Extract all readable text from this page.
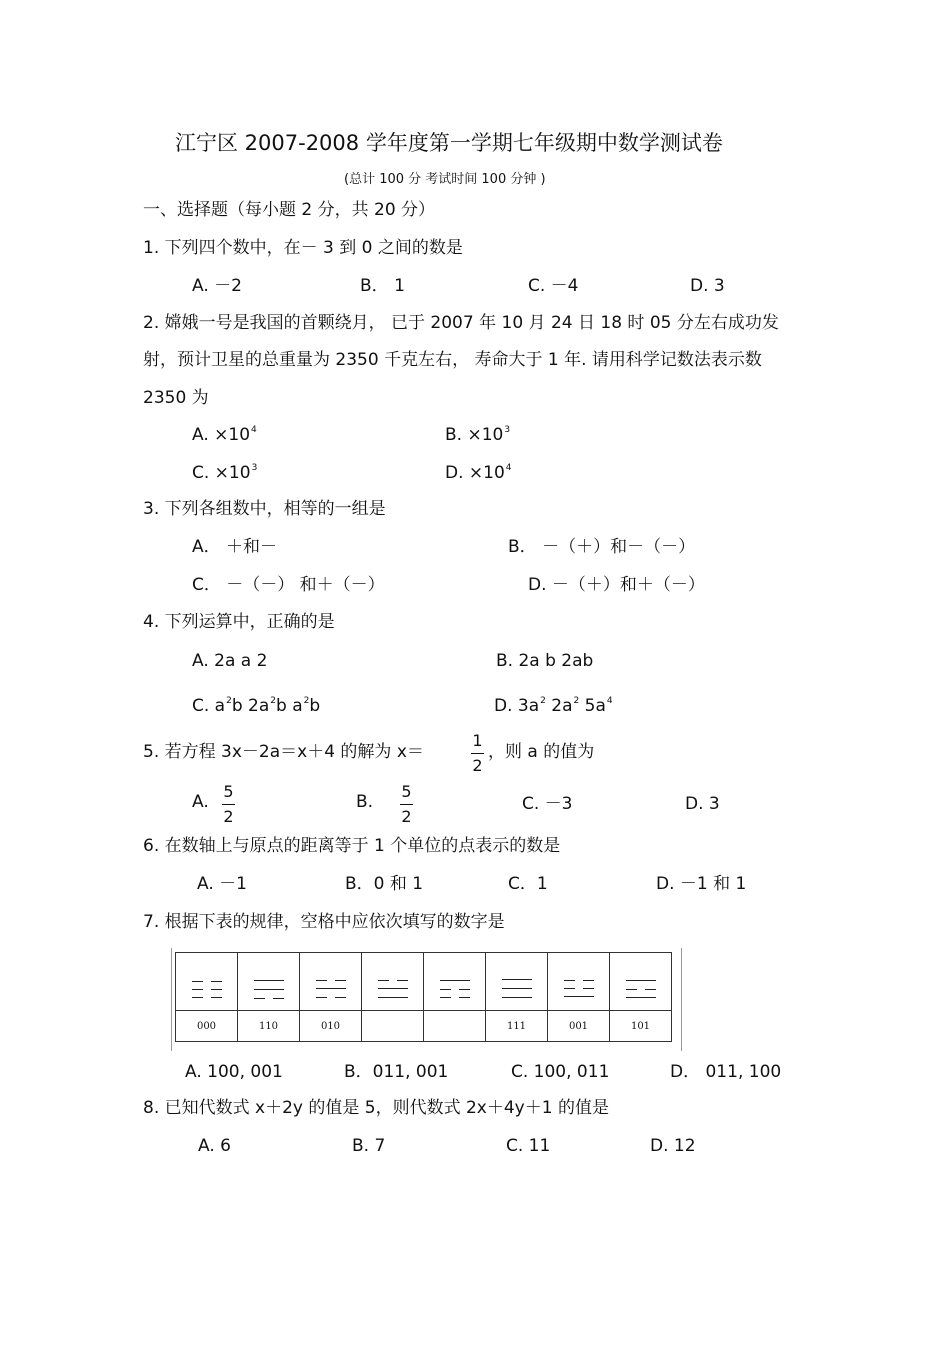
江宁区 2007-2008 学年度第一学期七年级期中数学测试卷
(总计 100 分 考试时间 100 分钟 )
一、选择题（每小题 2 分，共 20 分）
1. 下列四个数中，在－ 3 到 0 之间的数是
A. －2	B． 1	C. －4	D. 3
2. 嫦娥一号是我国的首颗绕月， 已于 2007 年 10 月 24 日 18 时 05 分左右成功发
射，预计卫星的总重量为 2350 千克左右， 寿命大于 1 年. 请用科学记数法表示数
2350 为
A. $\times 10^4$	B. $\times 10^3$
C. $\times 10^3$	D. $\times 10^4$
3. 下列各组数中，相等的一组是
A． ＋和－	B． －（＋）和－（－）
C． －（－） 和＋（－）	D. －（＋）和＋（－）
4. 下列运算中，正确的是
A. 2a a 2	B. 2a b 2ab
C. $a^2b$ $2a^2b$ $a^2b$	D. $3a^2$ $2a^2$ $5a^4$
5. 若方程 3x－2a＝x＋4 的解为 x＝
1
2
，则 a 的值为
A.
5
2
B.
5
2
C. －3	D. 3
6. 在数轴上与原点的距离等于 1 个单位的点表示的数是
A. －1	B．0 和 1	C．1	D. －1 和 1
7. 根据下表的规律，空格中应依次填写的数字是

000	110	010			111	001	101
A. 100, 001	B．011, 001	C. 100, 011	D． 011, 100
8. 已知代数式 x＋2y 的值是 5，则代数式 2x＋4y＋1 的值是
A. 6	B. 7	C. 11	D. 12
